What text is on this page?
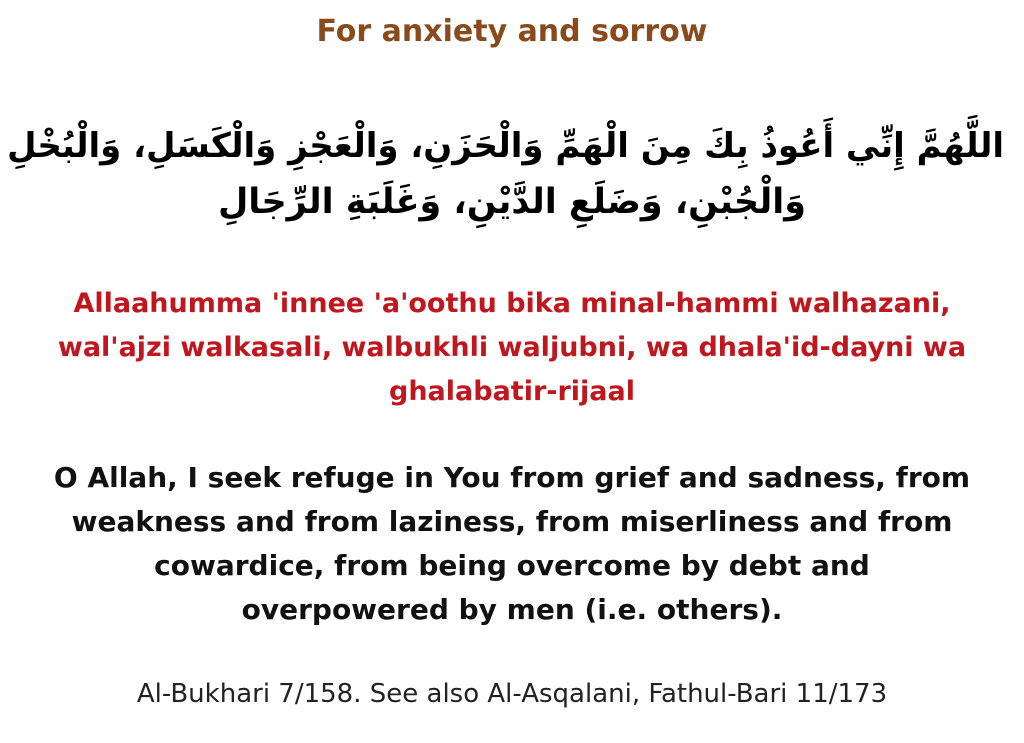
For anxiety and sorrow
اللَّهُمَّ إِنِّي أَعُوذُ بِكَ مِنَ الْهَمِّ وَالْحَزَنِ، وَالْعَجْزِ وَالْكَسَلِ، وَالْبُخْلِ
وَالْجُبْنِ، وَضَلَعِ الدَّيْنِ، وَغَلَبَةِ الرِّجَالِ
Allaahumma 'innee 'a'oothu bika minal-hammi walhazani,
wal'ajzi walkasali, walbukhli waljubni, wa dhala'id-dayni wa
ghalabatir-rijaal
O Allah, I seek refuge in You from grief and sadness, from
weakness and from laziness, from miserliness and from
cowardice, from being overcome by debt and
overpowered by men (i.e. others).
Al-Bukhari 7/158. See also Al-Asqalani, Fathul-Bari 11/173
